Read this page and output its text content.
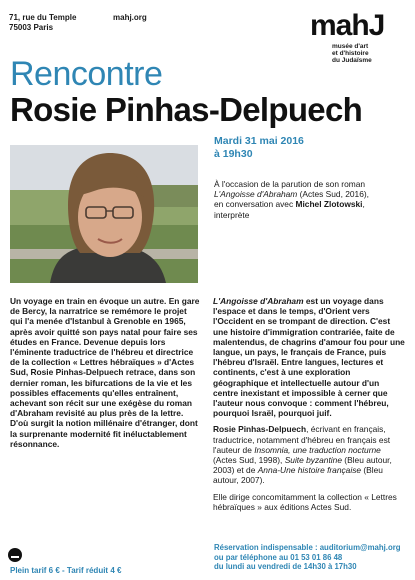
71, rue du Temple
75003 Paris
mahj.org	mahJ
musée d'art
et d'histoire
du Judaïsme
Rencontre
Rosie Pinhas-Delpuech
Mardi 31 mai 2016
à 19h30
À l'occasion de la parution de son roman
L'Angoisse d'Abraham (Actes Sud, 2016),
en conversation avec Michel Zlotowski,
interprète
Un voyage en train en évoque un autre. En gare de Bercy, la narratrice se remémore le projet qui l'a menée d'Istanbul à Grenoble en 1965, après avoir quitté son pays natal pour faire ses études en France. Devenue depuis lors l'éminente traductrice de l'hébreu et directrice de la collection « Lettres hébraïques » d'Actes Sud, Rosie Pinhas-Delpuech retrace, dans son dernier roman, les bifurcations de la vie et les possibles effacements qu'elles entraînent, achevant son récit sur une exégèse du roman d'Abraham revisité au plus près de la lettre. D'où surgit la notion millénaire d'étranger, dont la surprenante modernité fit inéluctablement résonnance.

L'Angoisse d'Abraham est un voyage dans l'espace et dans le temps, d'Orient vers l'Occident en se trompant de direction. C'est une histoire d'immigration contrariée, faite de malentendus, de chagrins d'amour fou pour une langue, un pays, le français de France, puis l'hébreu d'Israël. Entre langues, lectures et continents, c'est à une exploration géographique et intellectuelle autour d'un centre inexistant et impossible à cerner que l'auteur nous convoque : comment l'hébreu, pourquoi Israël, pourquoi juif.

Rosie Pinhas-Delpuech, écrivant en français, traductrice, notamment d'hébreu en français est l'auteur de Insomnia, une traduction nocturne (Actes Sud, 1998), Suite byzantine (Bleu autour, 2003) et de Anna-Une histoire française (Bleu autour, 2007).

Elle dirige concomitamment la collection « Lettres hébraïques » aux éditions Actes Sud.

Plein tarif 6 € - Tarif réduit 4 €
Réservation indispensable : auditorium@mahj.org
ou par téléphone au 01 53 01 86 48
du lundi au vendredi de 14h30 à 17h30
